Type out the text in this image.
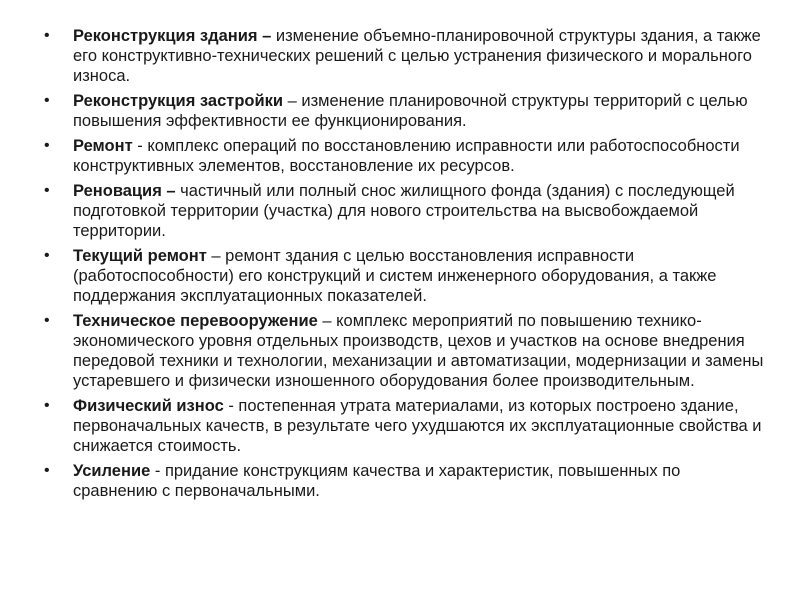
•	Реконструкция здания – изменение объемно-планировочной структуры здания, а также его конструктивно-технических решений с целью устранения физического и морального износа.
•	Реконструкция застройки – изменение планировочной структуры территорий с целью повышения эффективности ее функционирования.
•	Ремонт - комплекс операций по восстановлению исправности или работоспособности конструктивных элементов, восстановление их ресурсов.
•	Реновация – частичный или полный снос жилищного фонда (здания) с последующей подготовкой территории (участка) для нового строительства на высвобождаемой территории.
•	Текущий ремонт – ремонт здания с целью восстановления исправности (работоспособности) его конструкций и систем инженерного оборудования, а также поддержания эксплуатационных показателей.
•	Техническое перевооружение – комплекс мероприятий по повышению технико-экономического уровня отдельных производств, цехов и участков на основе внедрения передовой техники и технологии, механизации и автоматизации, модернизации и замены устаревшего и физически изношенного оборудования более производительным.
•	Физический износ - постепенная утрата материалами, из которых построено здание, первоначальных качеств, в результате чего ухудшаются их эксплуатационные свойства и снижается стоимость.
•	Усиление - придание конструкциям качества и характеристик, повышенных по сравнению с первоначальными.
